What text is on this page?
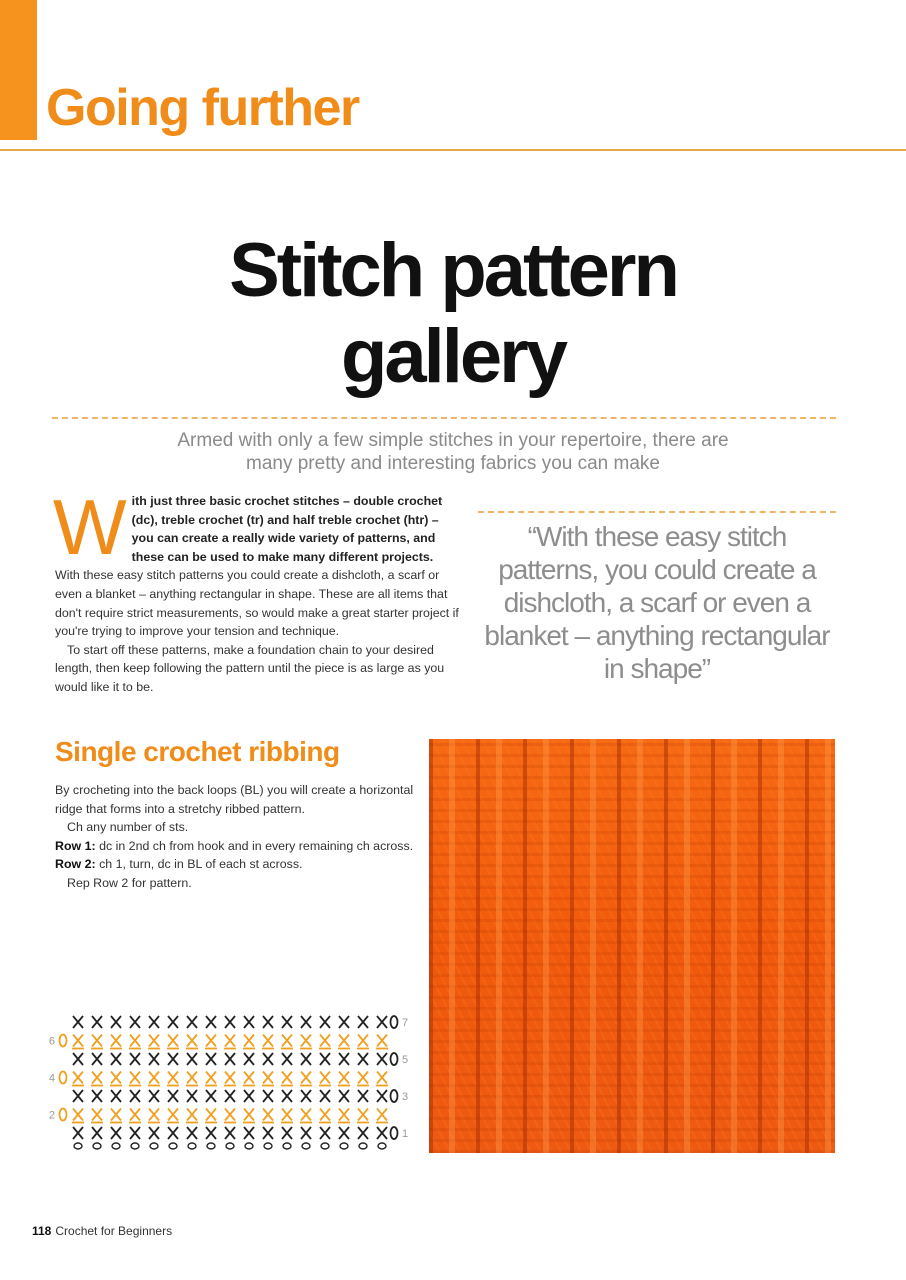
Going further
Stitch pattern
gallery

Armed with only a few simple stitches in your repertoire, there are
many pretty and interesting fabrics you can make

With just three basic crochet stitches – double crochet (dc), treble crochet (tr) and half treble crochet (htr) – you can create a really wide variety of patterns, and these can be used to make many different projects. With these easy stitch patterns you could create a dishcloth, a scarf or even a blanket – anything rectangular in shape. These are all items that don't require strict measurements, so would make a great starter project if you're trying to improve your tension and technique.
To start off these patterns, make a foundation chain to your desired length, then keep following the pattern until the piece is as large as you would like it to be.

“With these easy stitch patterns, you could create a dishcloth, a scarf or even a blanket – anything rectangular in shape”

Single crochet ribbing
By crocheting into the back loops (BL) you will create a horizontal ridge that forms into a stretchy ribbed pattern.
Ch any number of sts.
Row 1: dc in 2nd ch from hook and in every remaining ch across.
Row 2: ch 1, turn, dc in BL of each st across.
Rep Row 2 for pattern.
7
6
5
4
3
2
1

118 Crochet for Beginners
